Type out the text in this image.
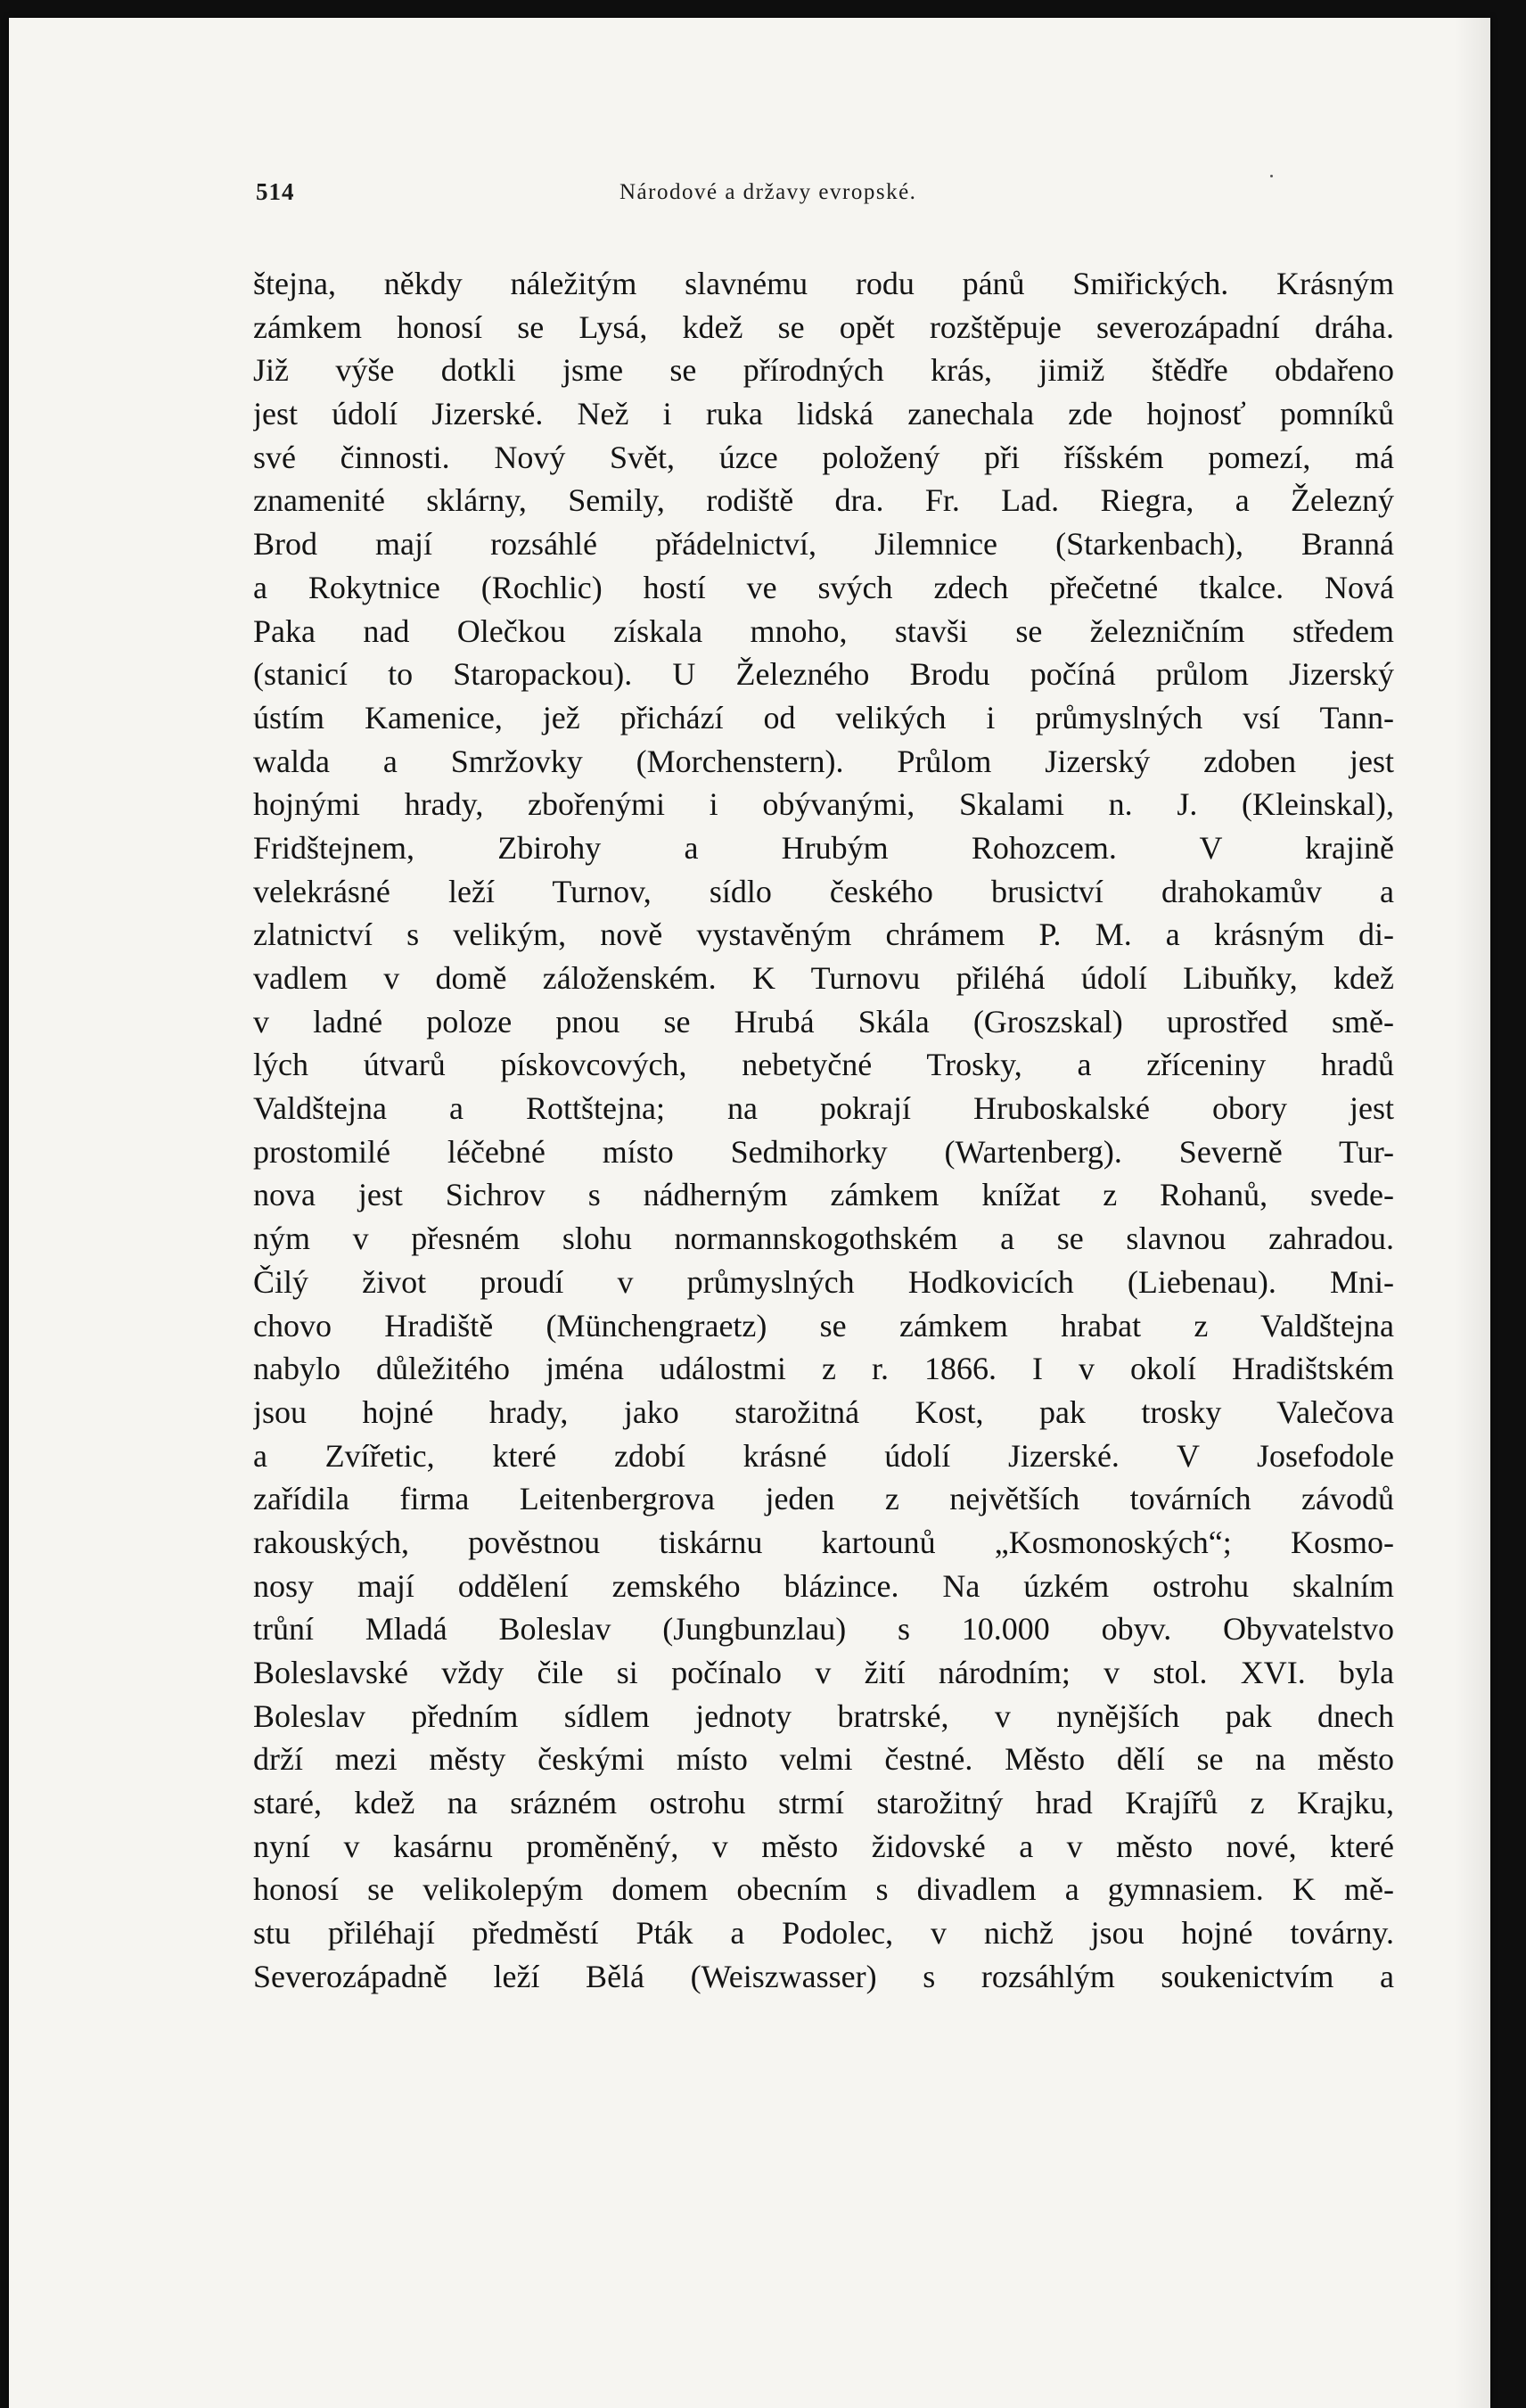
514	Národové a državy evropské.
štejna, někdy náležitým slavnému rodu pánů Smiřických. Krásným
zámkem honosí se Lysá, kdež se opět rozštěpuje severozápadní dráha.
Již výše dotkli jsme se přírodných krás, jimiž štědře obdařeno
jest údolí Jizerské. Než i ruka lidská zanechala zde hojnosť pomníků
své činnosti. Nový Svět, úzce položený při říšském pomezí, má
znamenité sklárny, Semily, rodiště dra. Fr. Lad. Riegra, a Železný
Brod mají rozsáhlé přádelnictví, Jilemnice (Starkenbach), Branná
a Rokytnice (Rochlic) hostí ve svých zdech přečetné tkalce. Nová
Paka nad Olečkou získala mnoho, stavši se železničním středem
(stanicí to Staropackou). U Železného Brodu počíná průlom Jizerský
ústím Kamenice, jež přichází od velikých i průmyslných vsí Tann-
walda a Smržovky (Morchenstern). Průlom Jizerský zdoben jest
hojnými hrady, zbořenými i obývanými, Skalami n. J. (Kleinskal),
Fridštejnem, Zbirohy a Hrubým Rohozcem. V krajině
velekrásné leží Turnov, sídlo českého brusictví drahokamův a
zlatnictví s velikým, nově vystavěným chrámem P. M. a krásným di-
vadlem v domě záloženském. K Turnovu přiléhá údolí Libuňky, kdež
v ladné poloze pnou se Hrubá Skála (Groszskal) uprostřed smě-
lých útvarů pískovcových, nebetyčné Trosky, a zříceniny hradů
Valdštejna a Rottštejna; na pokrají Hruboskalské obory jest
prostomilé léčebné místo Sedmihorky (Wartenberg). Severně Tur-
nova jest Sichrov s nádherným zámkem knížat z Rohanů, svede-
ným v přesném slohu normannskogothském a se slavnou zahradou.
Čilý život proudí v průmyslných Hodkovicích (Liebenau). Mni-
chovo Hradiště (Münchengraetz) se zámkem hrabat z Valdštejna
nabylo důležitého jména událostmi z r. 1866. I v okolí Hradištském
jsou hojné hrady, jako starožitná Kost, pak trosky Valečova
a Zvířetic, které zdobí krásné údolí Jizerské. V Josefodole
zařídila firma Leitenbergrova jeden z největších továrních závodů
rakouských, pověstnou tiskárnu kartounů „Kosmonoských“; Kosmo-
nosy mají oddělení zemského blázince. Na úzkém ostrohu skalním
trůní Mladá Boleslav (Jungbunzlau) s 10.000 obyv. Obyvatelstvo
Boleslavské vždy čile si počínalo v žití národním; v stol. XVI. byla
Boleslav předním sídlem jednoty bratrské, v nynějších pak dnech
drží mezi městy českými místo velmi čestné. Město dělí se na město
staré, kdež na srázném ostrohu strmí starožitný hrad Krajířů z Krajku,
nyní v kasárnu proměněný, v město židovské a v město nové, které
honosí se velikolepým domem obecním s divadlem a gymnasiem. K mě-
stu přiléhají předměstí Pták a Podolec, v nichž jsou hojné továrny.
Severozápadně leží Bělá (Weiszwasser) s rozsáhlým soukenictvím a
